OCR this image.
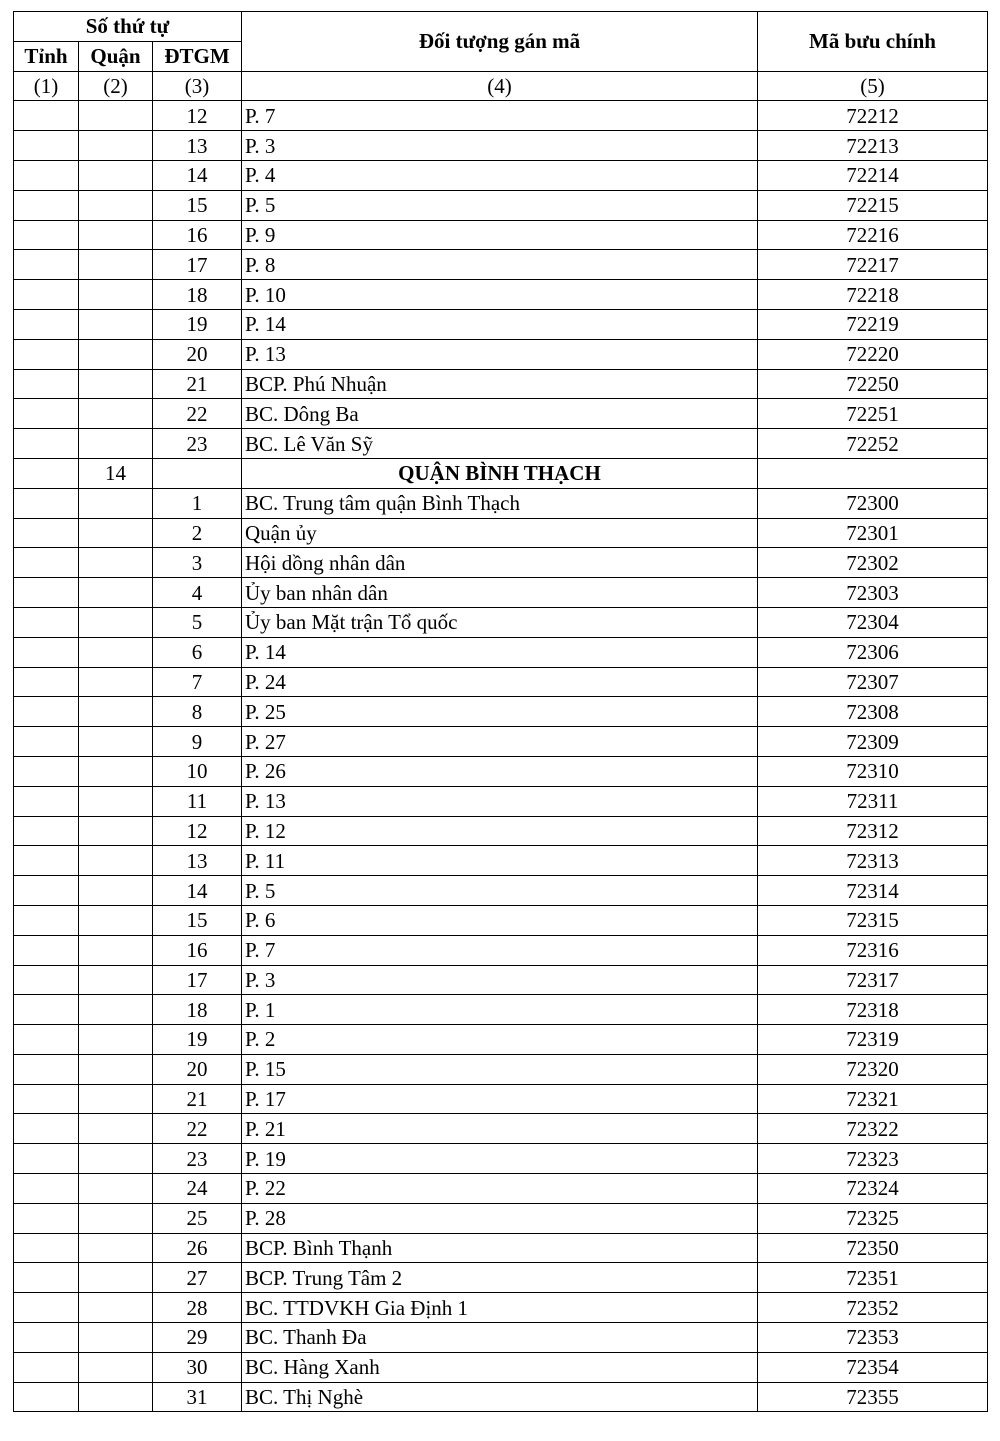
Số thứ tự			Đối tượng gán mã	Mã bưu chính
Tỉnh	Quận	ĐTGM		
(1)	(2)	(3)	(4)	(5)
		12	P. 7	72212
		13	P. 3	72213
		14	P. 4	72214
		15	P. 5	72215
		16	P. 9	72216
		17	P. 8	72217
		18	P. 10	72218
		19	P. 14	72219
		20	P. 13	72220
		21	BCP. Phú Nhuận	72250
		22	BC. Dông Ba	72251
		23	BC. Lê Văn Sỹ	72252
	14		QUẬN BÌNH THẠCH	
		1	BC. Trung tâm quận Bình Thạch	72300
		2	Quận ủy	72301
		3	Hội dồng nhân dân	72302
		4	Ủy ban nhân dân	72303
		5	Ủy ban Mặt trận Tổ quốc	72304
		6	P. 14	72306
		7	P. 24	72307
		8	P. 25	72308
		9	P. 27	72309
		10	P. 26	72310
		11	P. 13	72311
		12	P. 12	72312
		13	P. 11	72313
		14	P. 5	72314
		15	P. 6	72315
		16	P. 7	72316
		17	P. 3	72317
		18	P. 1	72318
		19	P. 2	72319
		20	P. 15	72320
		21	P. 17	72321
		22	P. 21	72322
		23	P. 19	72323
		24	P. 22	72324
		25	P. 28	72325
		26	BCP. Bình Thạnh	72350
		27	BCP. Trung Tâm 2	72351
		28	BC. TTDVKH Gia Định 1	72352
		29	BC. Thanh Đa	72353
		30	BC. Hàng Xanh	72354
		31	BC. Thị Nghè	72355
